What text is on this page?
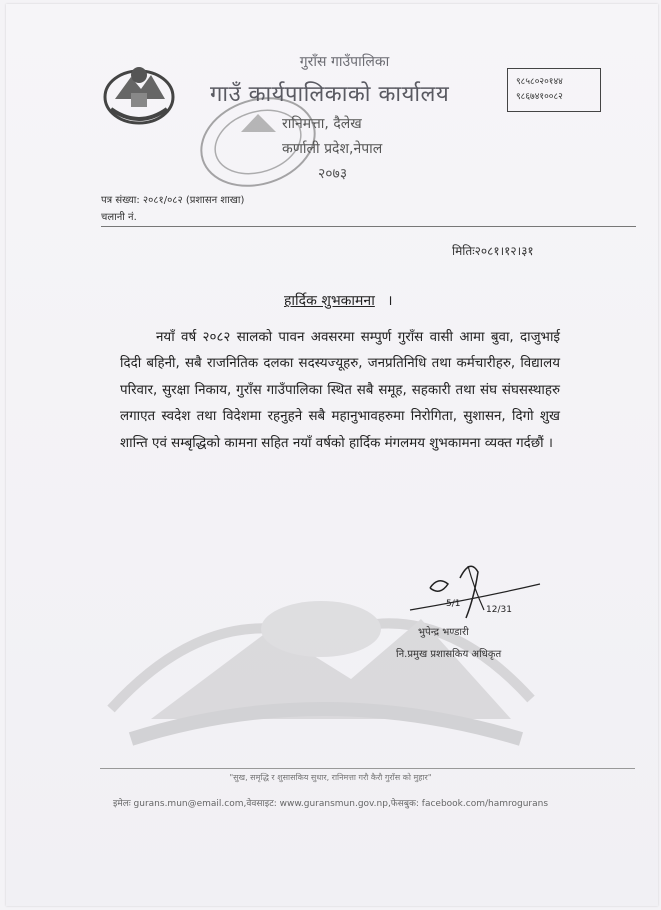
गुराँस गाउँपालिका
गाउँ कार्यपालिकाको कार्यालय
रानिमत्ता, दैलेख
कर्णाली प्रदेश,नेपाल
२०७३
९८५८०२०१४४
९८६७४१००८२
पत्र संख्या: २०८१/०८२ (प्रशासन शाखा)
चलानी नं.
मितिः२०८१।१२।३१
हार्दिक शुभकामना ।
नयाँ वर्ष २०८२ सालको पावन अवसरमा सम्पुर्ण गुराँस वासी आमा बुवा, दाजुभाई दिदी बहिनी, सबै राजनितिक दलका सदस्यज्यूहरु, जनप्रतिनिधि तथा कर्मचारीहरु, विद्यालय परिवार, सुरक्षा निकाय, गुराँस गाउँपालिका स्थित सबै समूह, सहकारी तथा संघ संघसस्थाहरु लगाएत स्वदेश तथा विदेशमा रहनुहने सबै महानुभावहरुमा निरोगिता, सुशासन, दिगो शुख शान्ति एवं सम्बृद्धिको कामना सहित नयाँ वर्षको हार्दिक मंगलमय शुभकामना व्यक्त गर्दछौं ।
5/1
12/31
भुपेन्द्र भण्डारी
नि.प्रमुख प्रशासकिय अधिकृत
"सुख, समृद्धि र शुसासकिय सुधार, रानिमत्ता गरौ कैरौ गुराँस को मुहार"
इमेलः gurans.mun@email.com,वेवसाइट: www.guransmun.gov.np,फेसबुक: facebook.com/hamrogurans
